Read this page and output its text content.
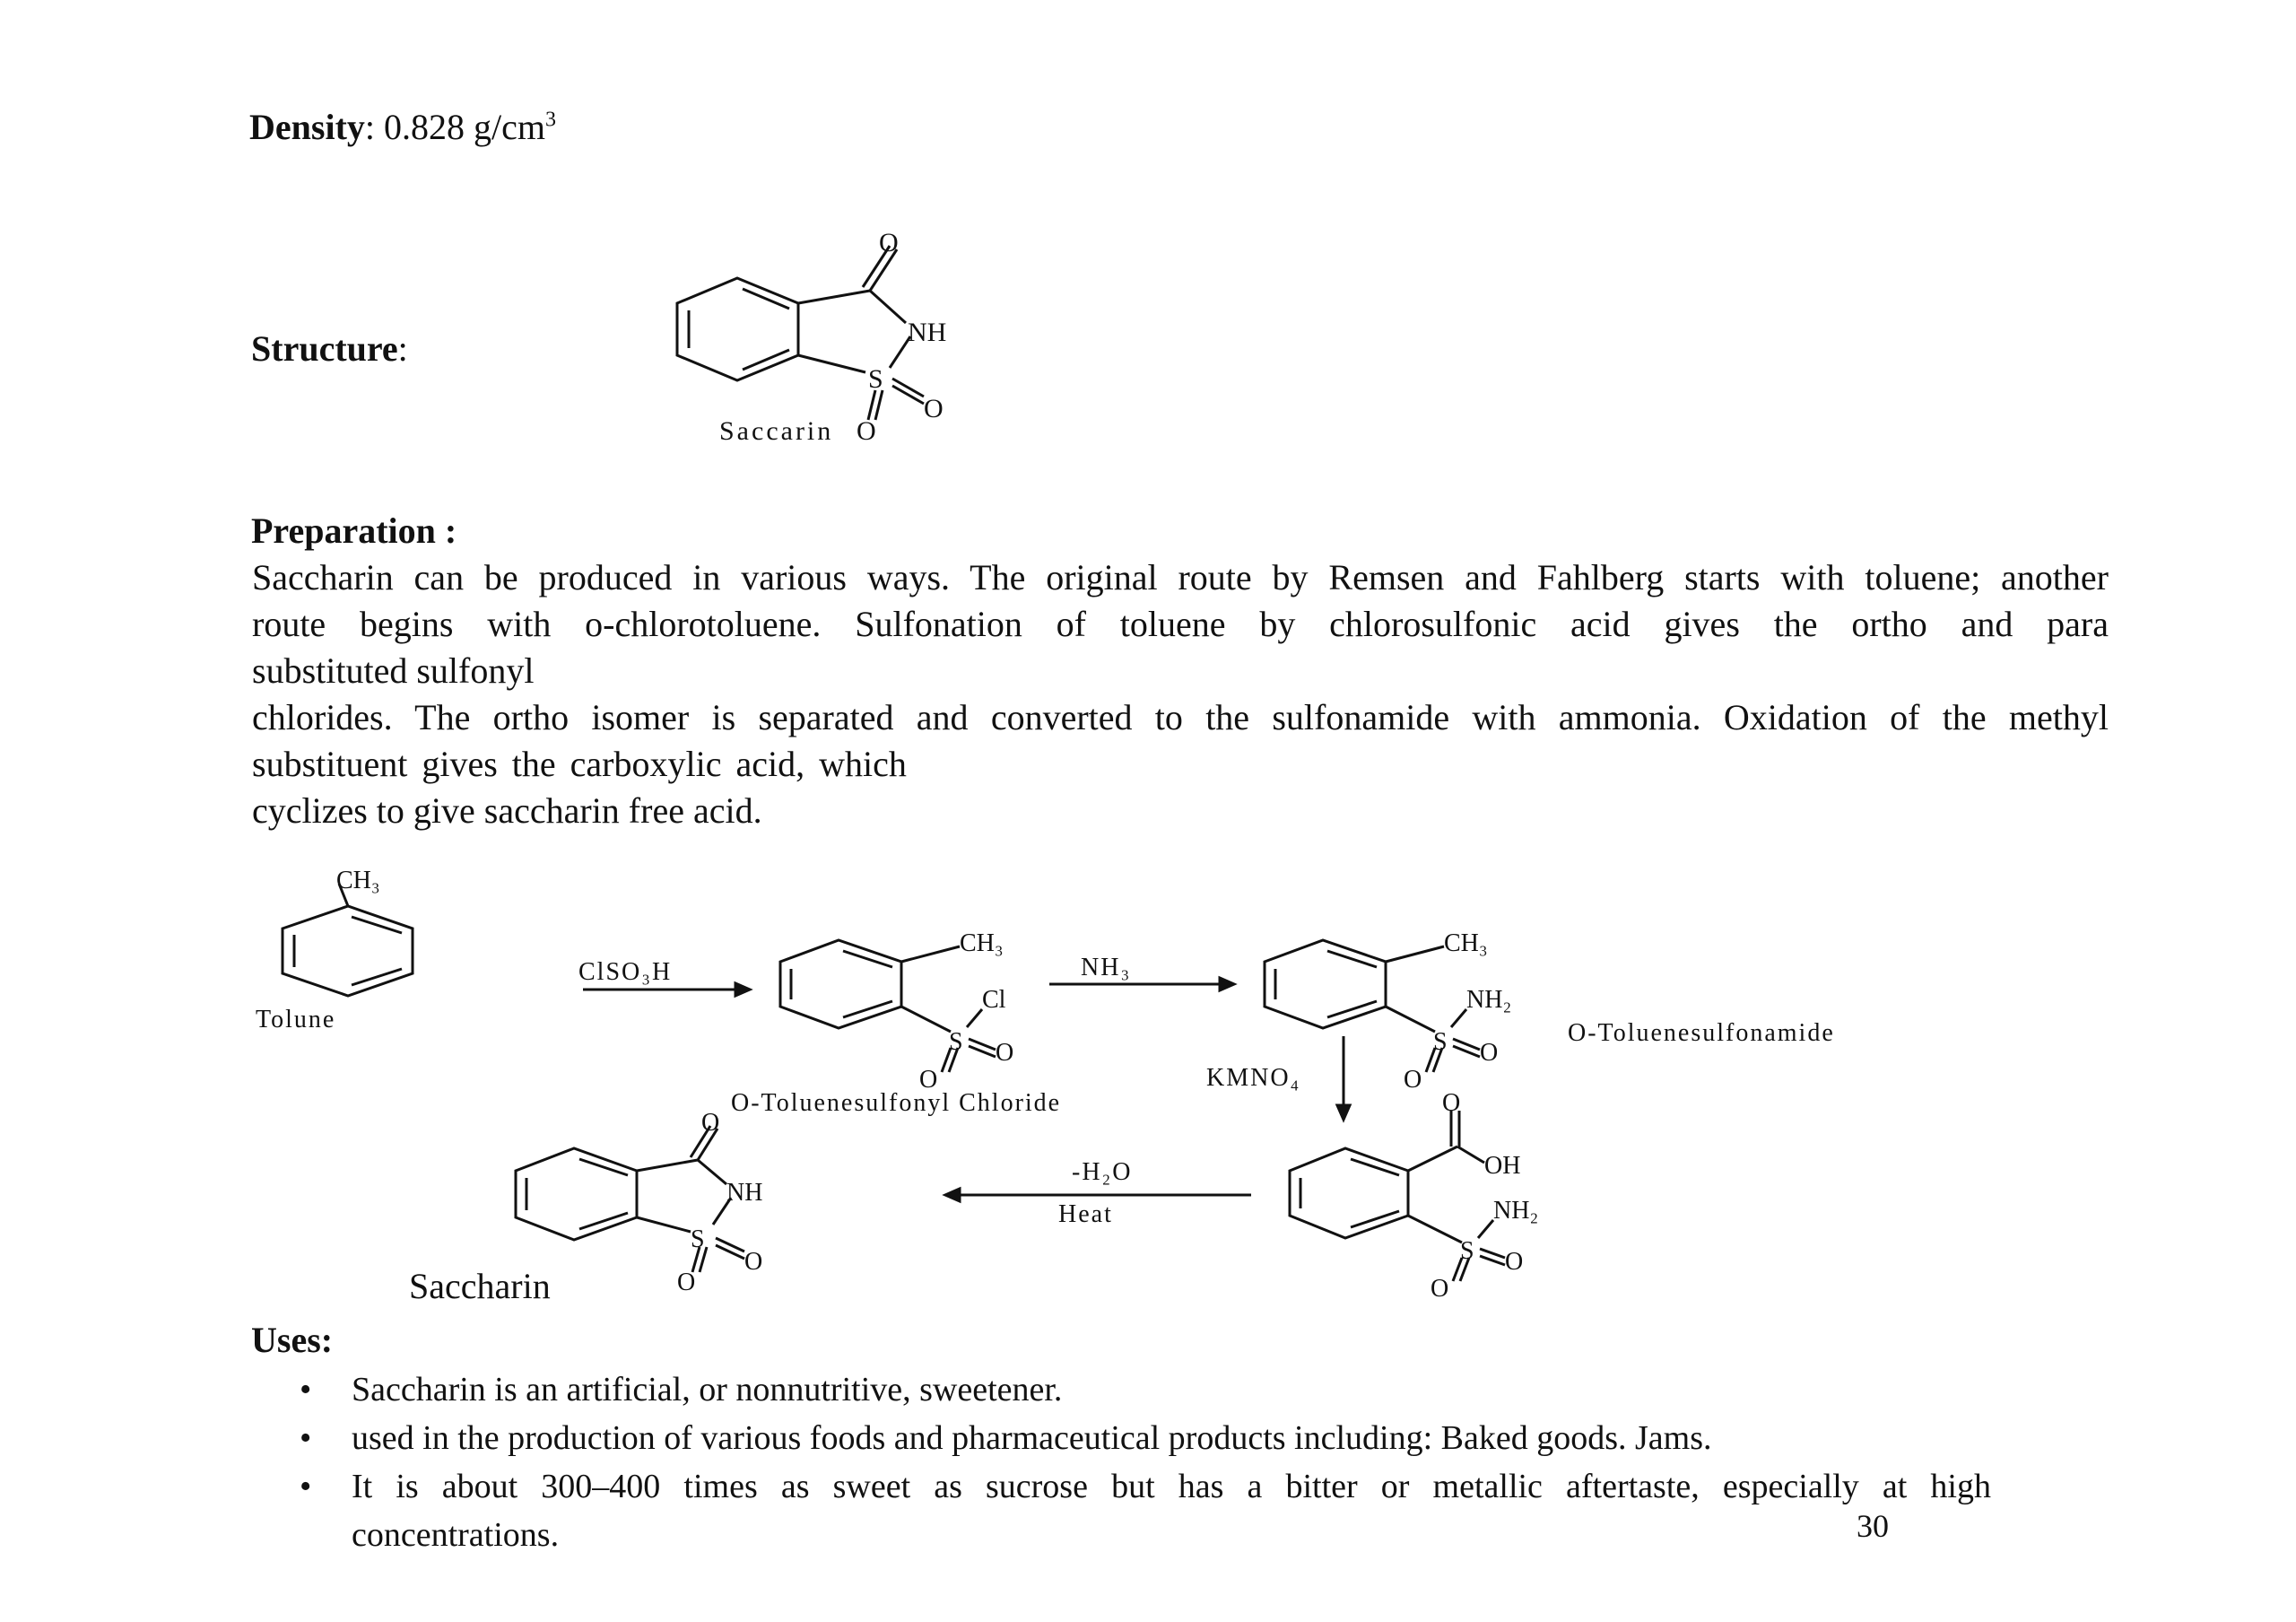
Density: 0.828 $g/cm^3$
Structure:
O
NH
S
O
O
Saccarin
Preparation :
Saccharin can be produced in various ways. The original route by Remsen and Fahlberg starts with toluene; another
route begins with o-chlorotoluene. Sulfonation of toluene by chlorosulfonic acid gives the ortho and para
substituted sulfonyl
chlorides. The ortho isomer is separated and converted to the sulfonamide with ammonia. Oxidation of the methyl
substituent gives the carboxylic acid, which
cyclizes to give saccharin free acid.
CH₃
Tolune
ClSO₃H
CH₃
Cl
S O
O
O-Toluenesulfonyl Chloride
NH₃
CH₃
NH₂
S O
O
O-Toluenesulfonamide
KMNO₄
O
OH
NH₂
S O
O
-H₂O
Heat
O
NH
S
O
O
Saccharin
Uses:
• Saccharin is an artificial, or nonnutritive, sweetener.
• used in the production of various foods and pharmaceutical products including: Baked goods. Jams.
• It is about 300–400 times as sweet as sucrose but has a bitter or metallic aftertaste, especially at high
concentrations.	30
